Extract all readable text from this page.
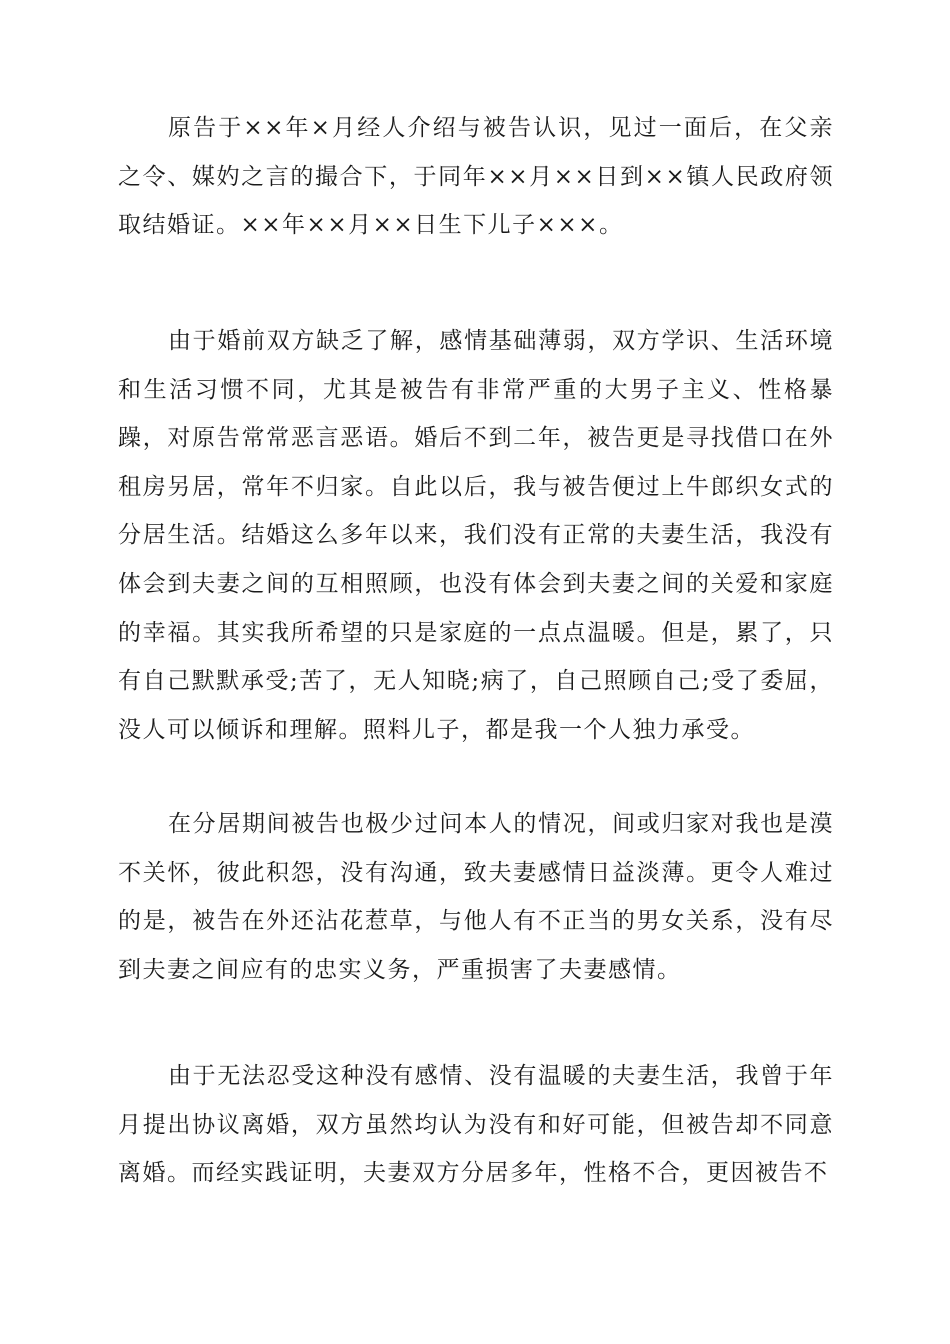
原告于××年×月经人介绍与被告认识，见过一面后，在父亲之令、媒妁之言的撮合下，于同年××月××日到××镇人民政府领取结婚证。××年××月××日生下儿子×××。

由于婚前双方缺乏了解，感情基础薄弱，双方学识、生活环境和生活习惯不同，尤其是被告有非常严重的大男子主义、性格暴躁，对原告常常恶言恶语。婚后不到二年，被告更是寻找借口在外租房另居，常年不归家。自此以后，我与被告便过上牛郎织女式的分居生活。结婚这么多年以来，我们没有正常的夫妻生活，我没有体会到夫妻之间的互相照顾，也没有体会到夫妻之间的关爱和家庭的幸福。其实我所希望的只是家庭的一点点温暖。但是，累了，只有自己默默承受;苦了，无人知晓;病了，自己照顾自己;受了委屈，没人可以倾诉和理解。照料儿子，都是我一个人独力承受。

在分居期间被告也极少过问本人的情况，间或归家对我也是漠不关怀，彼此积怨，没有沟通，致夫妻感情日益淡薄。更令人难过的是，被告在外还沾花惹草，与他人有不正当的男女关系，没有尽到夫妻之间应有的忠实义务，严重损害了夫妻感情。

由于无法忍受这种没有感情、没有温暖的夫妻生活，我曾于年月提出协议离婚，双方虽然均认为没有和好可能，但被告却不同意离婚。而经实践证明，夫妻双方分居多年，性格不合，更因被告不
